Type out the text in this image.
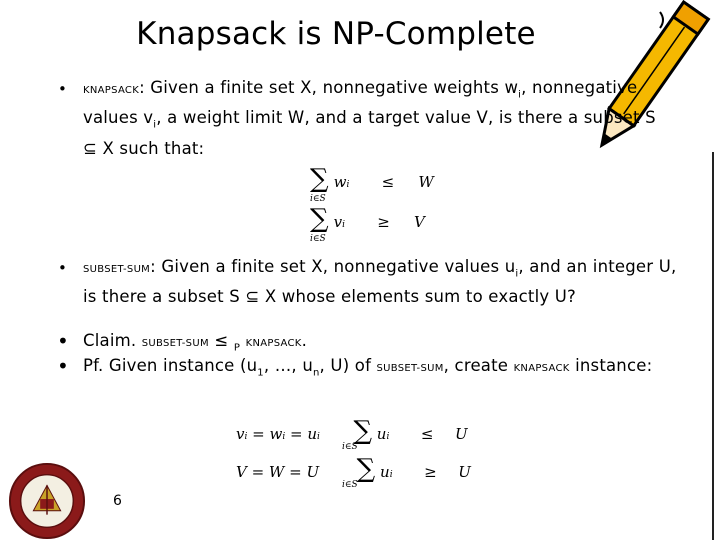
Knapsack is NP-Complete
• KNAPSACK: Given a finite set X, nonnegative weights $w_i$, nonnegative values $v_i$, a weight limit W, and a target value V, is there a subset S ⊆ X such that:
∑ wi ≤ W
i∈S
∑ vi ≥ V
i∈S
• SUBSET-SUM: Given a finite set X, nonnegative values $u_i$, and an integer U, is there a subset S ⊆ X whose elements sum to exactly U?
• Claim. SUBSET-SUM ≤ $_P$ KNAPSACK.
• Pf. Given instance ($u_1$, …, $u_n$, U) of SUBSET-SUM, create KNAPSACK instance:
vi = wi = ui ∑ ui ≤ U
i∈S
V = W = U ∑ ui ≥ U
i∈S
6
